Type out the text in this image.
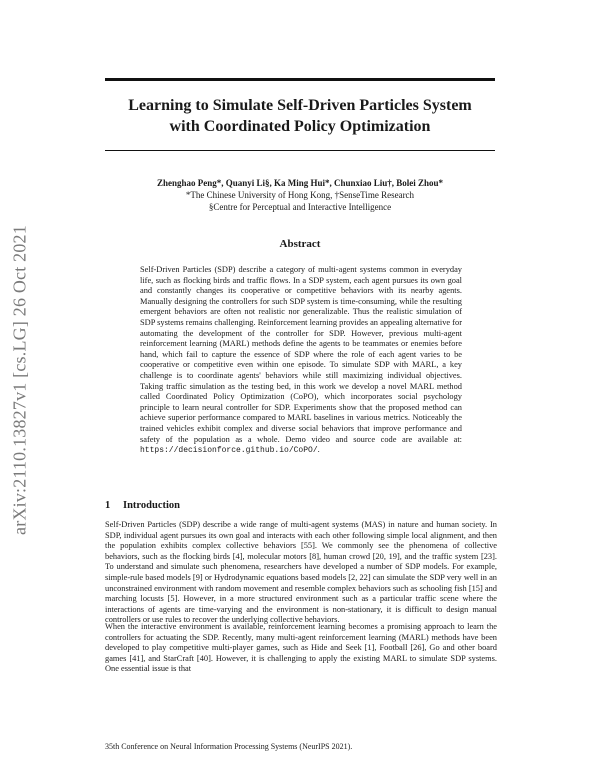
arXiv:2110.13827v1 [cs.LG] 26 Oct 2021
Learning to Simulate Self-Driven Particles System
with Coordinated Policy Optimization
Zhenghao Peng*, Quanyi Li§, Ka Ming Hui*, Chunxiao Liu†, Bolei Zhou*
*The Chinese University of Hong Kong, †SenseTime Research
§Centre for Perceptual and Interactive Intelligence
Abstract
Self-Driven Particles (SDP) describe a category of multi-agent systems common in everyday life, such as flocking birds and traffic flows. In a SDP system, each agent pursues its own goal and constantly changes its cooperative or competitive behaviors with its nearby agents. Manually designing the controllers for such SDP system is time-consuming, while the resulting emergent behaviors are often not realistic nor generalizable. Thus the realistic simulation of SDP systems remains challenging. Reinforcement learning provides an appealing alternative for automating the development of the controller for SDP. However, previous multi-agent reinforcement learning (MARL) methods define the agents to be teammates or enemies before hand, which fail to capture the essence of SDP where the role of each agent varies to be cooperative or competitive even within one episode. To simulate SDP with MARL, a key challenge is to coordinate agents' behaviors while still maximizing individual objectives. Taking traffic simulation as the testing bed, in this work we develop a novel MARL method called Coordinated Policy Optimization (CoPO), which incorporates social psychology principle to learn neural controller for SDP. Experiments show that the proposed method can achieve superior performance compared to MARL baselines in various metrics. Noticeably the trained vehicles exhibit complex and diverse social behaviors that improve performance and safety of the population as a whole. Demo video and source code are available at: https://decisionforce.github.io/CoPO/.
1 Introduction
Self-Driven Particles (SDP) describe a wide range of multi-agent systems (MAS) in nature and human society. In SDP, individual agent pursues its own goal and interacts with each other following simple local alignment, and then the population exhibits complex collective behaviors [55]. We commonly see the phenomena of collective behaviors, such as the flocking birds [4], molecular motors [8], human crowd [20, 19], and the traffic system [23]. To understand and simulate such phenomena, researchers have developed a number of SDP models. For example, simple-rule based models [9] or Hydrodynamic equations based models [2, 22] can simulate the SDP very well in an unconstrained environment with random movement and resemble complex behaviors such as schooling fish [15] and marching locusts [5]. However, in a more structured environment such as a particular traffic scene where the interactions of agents are time-varying and the environment is non-stationary, it is difficult to design manual controllers or use rules to recover the underlying collective behaviors.
When the interactive environment is available, reinforcement learning becomes a promising approach to learn the controllers for actuating the SDP. Recently, many multi-agent reinforcement learning (MARL) methods have been developed to play competitive multi-player games, such as Hide and Seek [1], Football [26], Go and other board games [41], and StarCraft [40]. However, it is challenging to apply the existing MARL to simulate SDP systems. One essential issue is that
35th Conference on Neural Information Processing Systems (NeurIPS 2021).
